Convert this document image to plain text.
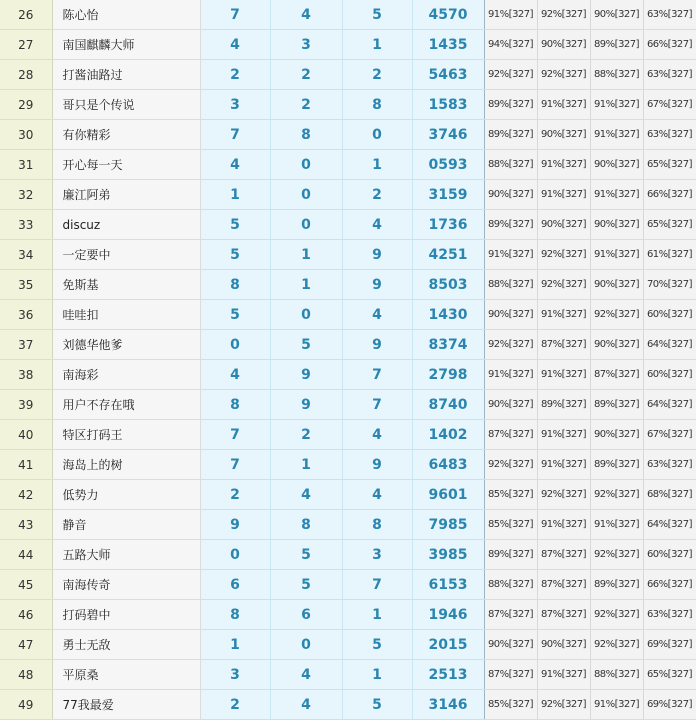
26	陈心怡	7	4	5	4570	91%[327]	92%[327]	90%[327]	63%[327]
27	南国麒麟大师	4	3	1	1435	94%[327]	90%[327]	89%[327]	66%[327]
28	打酱油路过	2	2	2	5463	92%[327]	92%[327]	88%[327]	63%[327]
29	哥只是个传说	3	2	8	1583	89%[327]	91%[327]	91%[327]	67%[327]
30	有你精彩	7	8	0	3746	89%[327]	90%[327]	91%[327]	63%[327]
31	开心每一天	4	0	1	0593	88%[327]	91%[327]	90%[327]	65%[327]
32	廉江阿弟	1	0	2	3159	90%[327]	91%[327]	91%[327]	66%[327]
33	discuz	5	0	4	1736	89%[327]	90%[327]	90%[327]	65%[327]
34	一定要中	5	1	9	4251	91%[327]	92%[327]	91%[327]	61%[327]
35	免斯基	8	1	9	8503	88%[327]	92%[327]	90%[327]	70%[327]
36	哇哇扣	5	0	4	1430	90%[327]	91%[327]	92%[327]	60%[327]
37	刘德华他爹	0	5	9	8374	92%[327]	87%[327]	90%[327]	64%[327]
38	南海彩	4	9	7	2798	91%[327]	91%[327]	87%[327]	60%[327]
39	用户不存在哦	8	9	7	8740	90%[327]	89%[327]	89%[327]	64%[327]
40	特区打码王	7	2	4	1402	87%[327]	91%[327]	90%[327]	67%[327]
41	海岛上的树	7	1	9	6483	92%[327]	91%[327]	89%[327]	63%[327]
42	低势力	2	4	4	9601	85%[327]	92%[327]	92%[327]	68%[327]
43	静音	9	8	8	7985	85%[327]	91%[327]	91%[327]	64%[327]
44	五路大师	0	5	3	3985	89%[327]	87%[327]	92%[327]	60%[327]
45	南海传奇	6	5	7	6153	88%[327]	87%[327]	89%[327]	66%[327]
46	打码碧中	8	6	1	1946	87%[327]	87%[327]	92%[327]	63%[327]
47	勇士无敌	1	0	5	2015	90%[327]	90%[327]	92%[327]	69%[327]
48	平原桑	3	4	1	2513	87%[327]	91%[327]	88%[327]	65%[327]
49	77我最爱	2	4	5	3146	85%[327]	92%[327]	91%[327]	69%[327]
